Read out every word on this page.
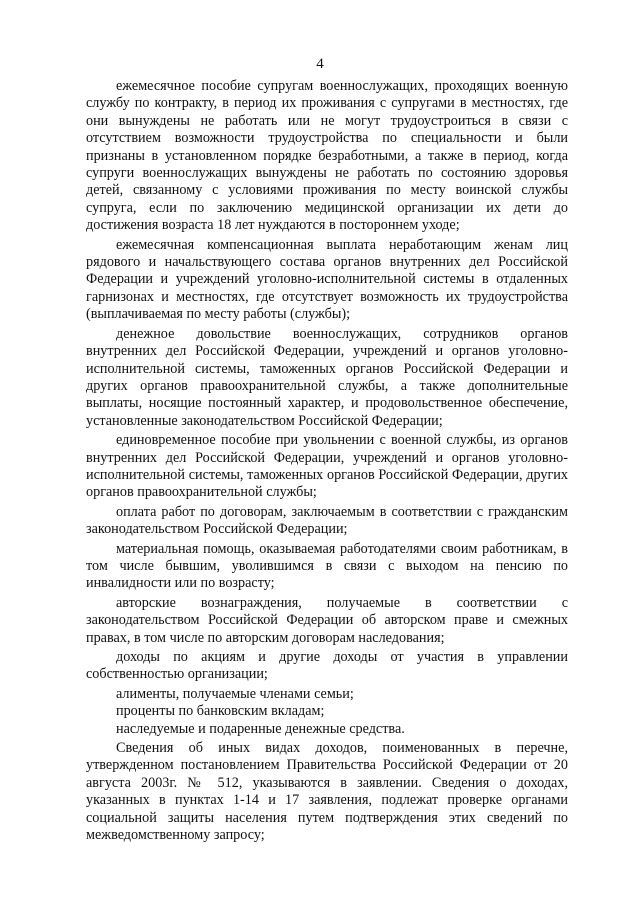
4

ежемесячное пособие супругам военнослужащих, проходящих военную службу по контракту, в период их проживания с супругами в местностях, где они вынуждены не работать или не могут трудоустроиться в связи с отсутствием возможности трудоустройства по специальности и были признаны в установленном порядке безработными, а также в период, когда супруги военнослужащих вынуждены не работать по состоянию здоровья детей, связанному с условиями проживания по месту воинской службы супруга, если по заключению медицинской организации их дети до достижения возраста 18 лет нуждаются в постороннем уходе;

ежемесячная компенсационная выплата неработающим женам лиц рядового и начальствующего состава органов внутренних дел Российской Федерации и учреждений уголовно-исполнительной системы в отдаленных гарнизонах и местностях, где отсутствует возможность их трудоустройства (выплачиваемая по месту работы (службы);

денежное довольствие военнослужащих, сотрудников органов внутренних дел Российской Федерации, учреждений и органов уголовно-исполнительной системы, таможенных органов Российской Федерации и других органов правоохранительной службы, а также дополнительные выплаты, носящие постоянный характер, и продовольственное обеспечение, установленные законодательством Российской Федерации;

единовременное пособие при увольнении с военной службы, из органов внутренних дел Российской Федерации, учреждений и органов уголовно-исполнительной системы, таможенных органов Российской Федерации, других органов правоохранительной службы;

оплата работ по договорам, заключаемым в соответствии с гражданским законодательством Российской Федерации;

материальная помощь, оказываемая работодателями своим работникам, в том числе бывшим, уволившимся в связи с выходом на пенсию по инвалидности или по возрасту;

авторские вознаграждения, получаемые в соответствии с законодательством Российской Федерации об авторском праве и смежных правах, в том числе по авторским договорам наследования;

доходы по акциям и другие доходы от участия в управлении собственностью организации;

алименты, получаемые членами семьи;

проценты по банковским вкладам;

наследуемые и подаренные денежные средства.

Сведения об иных видах доходов, поименованных в перечне, утвержденном постановлением Правительства Российской Федерации от 20 августа 2003г. № 512, указываются в заявлении. Сведения о доходах, указанных в пунктах 1-14 и 17 заявления, подлежат проверке органами социальной защиты населения путем подтверждения этих сведений по межведомственному запросу;
